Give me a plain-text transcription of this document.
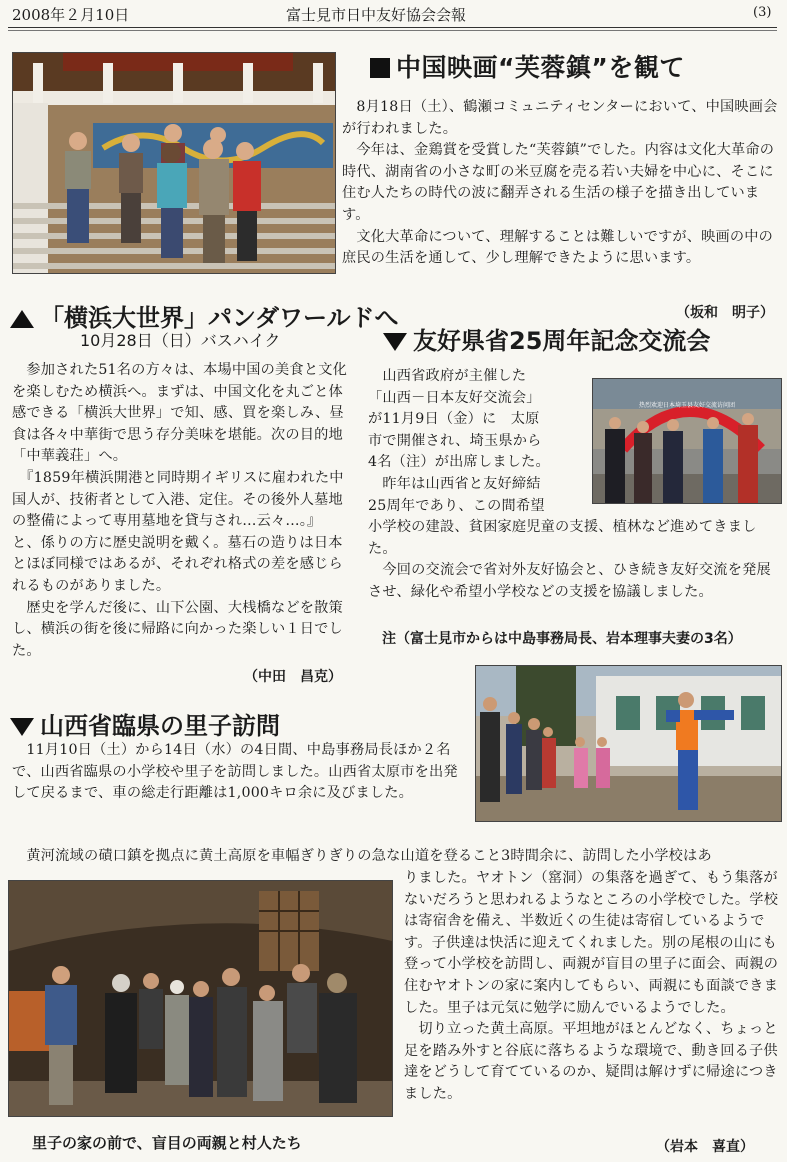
2008年２月10日	富士見市日中友好協会会報	(3)
中国映画“芙蓉鎮”を観て

　8月18日（土）、鶴瀬コミュニティセンターにおいて、中国映画会が行われました。

　今年は、金鶏賞を受賞した“芙蓉鎮”でした。内容は文化大革命の時代、湖南省の小さな町の米豆腐を売る若い夫婦を中心に、そこに住む人たちの時代の波に翻弄される生活の様子を描き出しています。

　文化大革命について、理解することは難しいですが、映画の中の庶民の生活を通して、少し理解できたように思います。

（坂和　明子）
「横浜大世界」パンダワールドへ
10月28日（日）バスハイク

　参加された51名の方々は、本場中国の美食と文化を楽しむため横浜へ。まずは、中国文化を丸ごと体感できる「横浜大世界」で知、感、買を楽しみ、昼食は各々中華街で思う存分美味を堪能。次の目的地「中華義荘」へ。

　『1859年横浜開港と同時期イギリスに雇われた中国人が、技術者として入港、定住。その後外人墓地の整備によって専用墓地を貸与され…云々…。』と、係りの方に歴史説明を戴く。墓石の造りは日本とほぼ同様ではあるが、それぞれ格式の差を感じられるものがありました。

　歴史を学んだ後に、山下公園、大桟橋などを散策し、横浜の街を後に帰路に向かった楽しい１日でした。

（中田　昌克）
友好県省25周年記念交流会

　山西省政府が主催した

「山西－日本友好交流会」

が11月9日（金）に　太原

市で開催され、埼玉県から

4名（注）が出席しました。

　昨年は山西省と友好締結

25周年であり、この間希望

小学校の建設、貧困家庭児童の支援、植林など進めてきました。

　今回の交流会で省対外友好協会と、ひき続き友好交流を発展させ、緑化や希望小学校などの支援を協議しました。

注（富士見市からは中島事務局長、岩本理事夫妻の3名）
热烈欢迎日本埼玉县友好交流访问团
山西省臨県の里子訪問

　11月10日（土）から14日（水）の4日間、中島事務局長ほか２名で、山西省臨県の小学校や里子を訪問しました。山西省太原市を出発して戻るまで、車の総走行距離は1,000キロ余に及びました。

　黄河流域の磧口鎮を拠点に黄土高原を車幅ぎりぎりの急な山道を登ること3時間余に、訪問した小学校はあ

りました。ヤオトン（窰洞）の集落を過ぎて、もう集落がないだろうと思われるようなところの小学校でした。学校は寄宿舎を備え、半数近くの生徒は寄宿しているようです。子供達は快活に迎えてくれました。別の尾根の山にも登って小学校を訪問し、両親が盲目の里子に面会、両親の住むヤオトンの家に案内してもらい、両親にも面談できました。里子は元気に勉学に励んでいるようでした。

　切り立った黄土高原。平坦地がほとんどなく、ちょっと足を踏み外すと谷底に落ちるような環境で、動き回る子供達をどうして育てているのか、疑問は解けずに帰途につきました。

里子の家の前で、盲目の両親と村人たち	（岩本　喜直）
